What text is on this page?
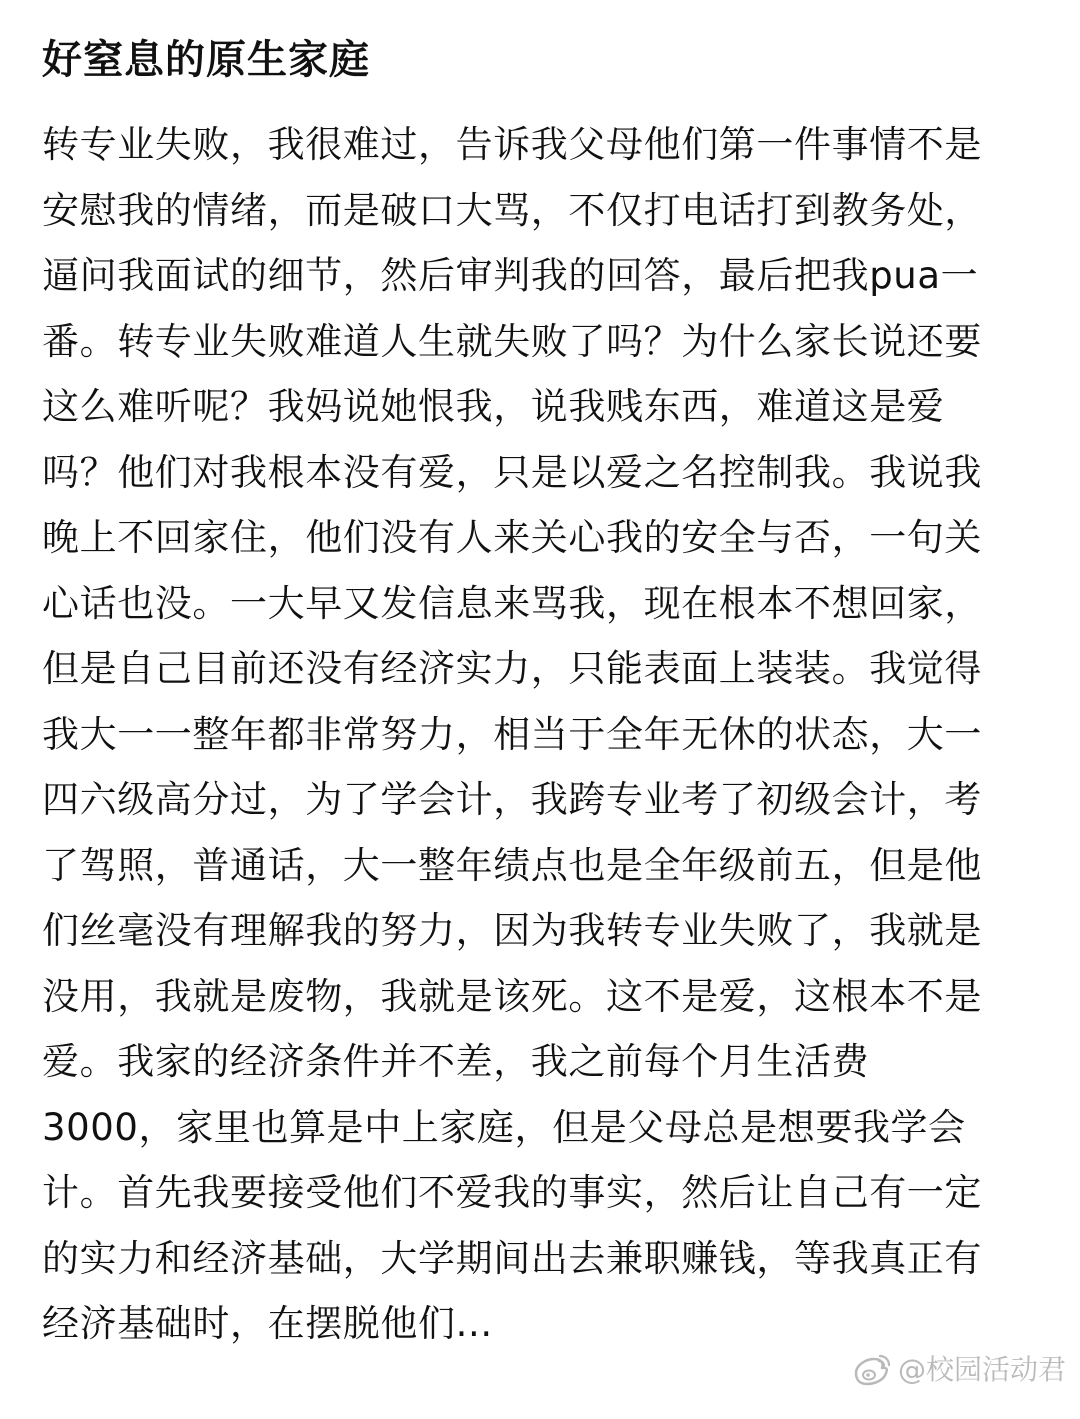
好窒息的原生家庭
转专业失败，我很难过，告诉我父母他们第一件事情不是
安慰我的情绪，而是破口大骂，不仅打电话打到教务处，
逼问我面试的细节，然后审判我的回答，最后把我pua一
番。转专业失败难道人生就失败了吗？为什么家长说还要
这么难听呢？我妈说她恨我，说我贱东西，难道这是爱
吗？他们对我根本没有爱，只是以爱之名控制我。我说我
晚上不回家住，他们没有人来关心我的安全与否，一句关
心话也没。一大早又发信息来骂我，现在根本不想回家，
但是自己目前还没有经济实力，只能表面上装装。我觉得
我大一一整年都非常努力，相当于全年无休的状态，大一
四六级高分过，为了学会计，我跨专业考了初级会计，考
了驾照，普通话，大一整年绩点也是全年级前五，但是他
们丝毫没有理解我的努力，因为我转专业失败了，我就是
没用，我就是废物，我就是该死。这不是爱，这根本不是
爱。我家的经济条件并不差，我之前每个月生活费
3000，家里也算是中上家庭，但是父母总是想要我学会
计。首先我要接受他们不爱我的事实，然后让自己有一定
的实力和经济基础，大学期间出去兼职赚钱，等我真正有
经济基础时，在摆脱他们...
@校园活动君
